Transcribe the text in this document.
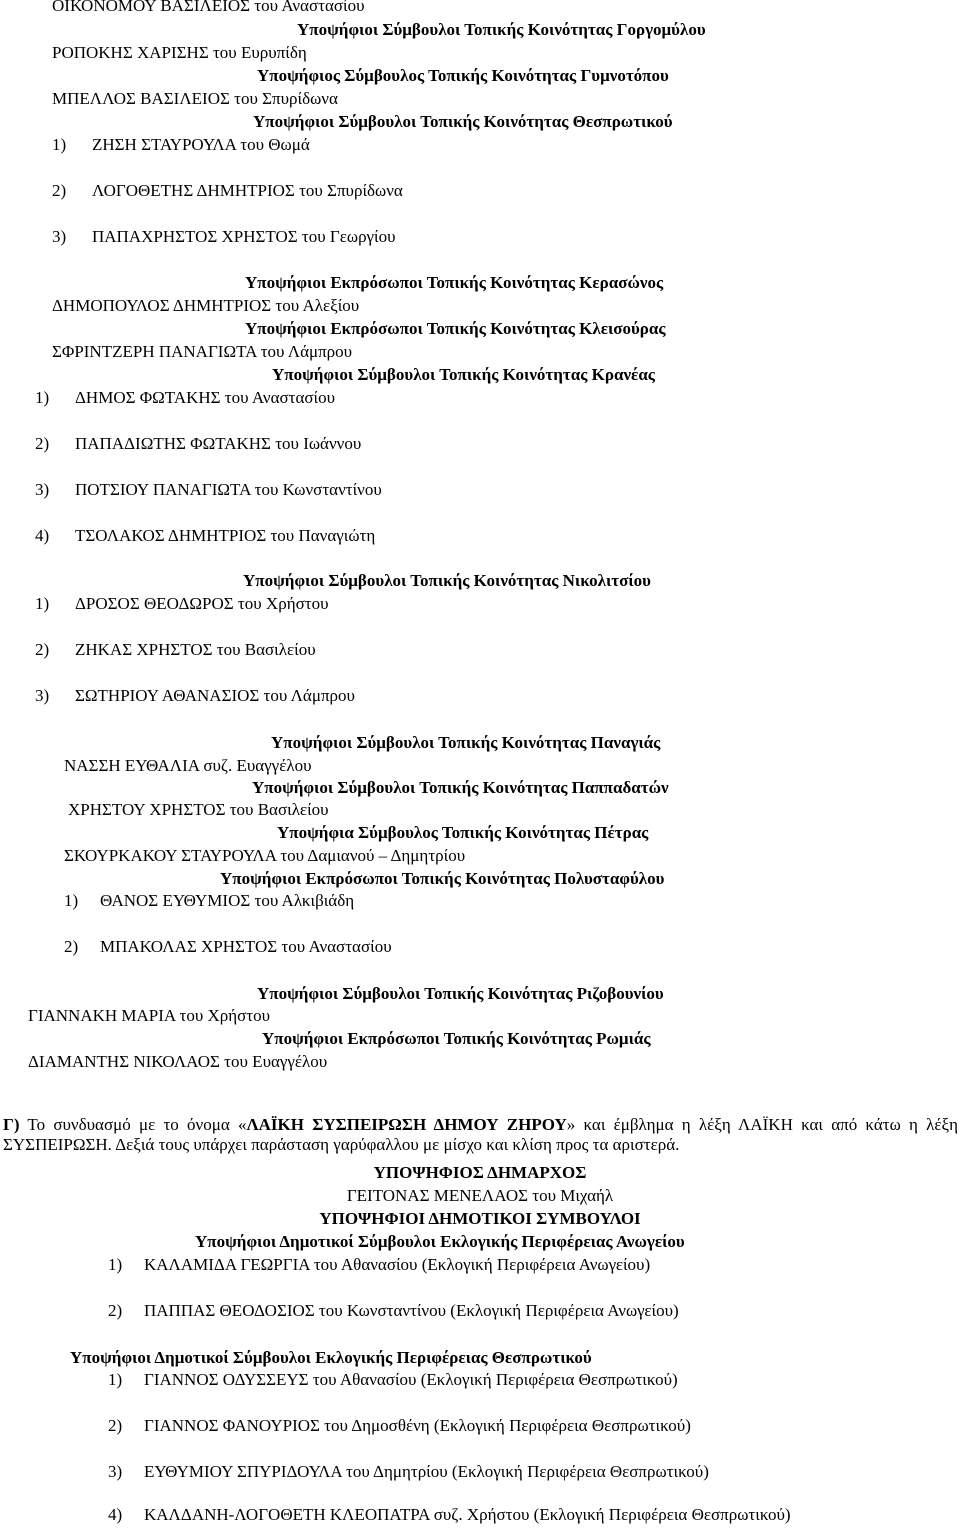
ΟΙΚΟΝΟΜΟΥ ΒΑΣΙΛΕΙΟΣ του Αναστασίου
Υποψήφιοι Σύμβουλοι Τοπικής Κοινότητας Γοργομύλου
ΡΟΠΟΚΗΣ ΧΑΡΙΣΗΣ του Ευρυπίδη
Υποψήφιος Σύμβουλος Τοπικής Κοινότητας Γυμνοτόπου
ΜΠΕΛΛΟΣ ΒΑΣΙΛΕΙΟΣ του Σπυρίδωνα
Υποψήφιοι Σύμβουλοι Τοπικής Κοινότητας Θεσπρωτικού
1) ΖΗΣΗ ΣΤΑΥΡΟΥΛΑ του Θωμά
2) ΛΟΓΟΘΕΤΗΣ ΔΗΜΗΤΡΙΟΣ του Σπυρίδωνα
3) ΠΑΠΑΧΡΗΣΤΟΣ ΧΡΗΣΤΟΣ του Γεωργίου
Υποψήφιοι Εκπρόσωποι Τοπικής Κοινότητας Κερασώνος
ΔΗΜΟΠΟΥΛΟΣ ΔΗΜΗΤΡΙΟΣ του Αλεξίου
Υποψήφιοι Εκπρόσωποι Τοπικής Κοινότητας Κλεισούρας
ΣΦΡΙΝΤΖΕΡΗ ΠΑΝΑΓΙΩΤΑ του Λάμπρου
Υποψήφιοι Σύμβουλοι Τοπικής Κοινότητας Κρανέας
1) ΔΗΜΟΣ ΦΩΤΑΚΗΣ του Αναστασίου
2) ΠΑΠΑΔΙΩΤΗΣ ΦΩΤΑΚΗΣ του Ιωάννου
3) ΠΟΤΣΙΟΥ ΠΑΝΑΓΙΩΤΑ του Κωνσταντίνου
4) ΤΣΟΛΑΚΟΣ ΔΗΜΗΤΡΙΟΣ του Παναγιώτη
Υποψήφιοι Σύμβουλοι Τοπικής Κοινότητας Νικολιτσίου
1) ΔΡΟΣΟΣ ΘΕΟΔΩΡΟΣ του Χρήστου
2) ΖΗΚΑΣ ΧΡΗΣΤΟΣ του Βασιλείου
3) ΣΩΤΗΡΙΟΥ ΑΘΑΝΑΣΙΟΣ του Λάμπρου
Υποψήφιοι Σύμβουλοι Τοπικής Κοινότητας Παναγιάς
ΝΑΣΣΗ ΕΥΘΑΛΙΑ συζ. Ευαγγέλου
Υποψήφιοι Σύμβουλοι Τοπικής Κοινότητας Παππαδατών
ΧΡΗΣΤΟΥ ΧΡΗΣΤΟΣ του Βασιλείου
Υποψήφια Σύμβουλος Τοπικής Κοινότητας Πέτρας
ΣΚΟΥΡΚΑΚΟΥ ΣΤΑΥΡΟΥΛΑ του Δαμιανού – Δημητρίου
Υποψήφιοι Εκπρόσωποι Τοπικής Κοινότητας Πολυσταφύλου
1) ΘΑΝΟΣ ΕΥΘΥΜΙΟΣ του Αλκιβιάδη
2) ΜΠΑΚΟΛΑΣ ΧΡΗΣΤΟΣ του Αναστασίου
Υποψήφιοι Σύμβουλοι Τοπικής Κοινότητας Ριζοβουνίου
ΓΙΑΝΝΑΚΗ ΜΑΡΙΑ του Χρήστου
Υποψήφιοι Εκπρόσωποι Τοπικής Κοινότητας Ρωμιάς
ΔΙΑΜΑΝΤΗΣ ΝΙΚΟΛΑΟΣ του Ευαγγέλου
Γ) Το συνδυασμό με το όνομα «ΛΑΪΚΗ ΣΥΣΠΕΙΡΩΣΗ ΔΗΜΟΥ ΖΗΡΟΥ» και έμβλημα η λέξη ΛΑΪΚΗ και από κάτω η λέξη ΣΥΣΠΕΙΡΩΣΗ. Δεξιά τους υπάρχει παράσταση γαρύφαλλου με μίσχο και κλίση προς τα αριστερά.
ΥΠΟΨΗΦΙΟΣ ΔΗΜΑΡΧΟΣ
ΓΕΙΤΟΝΑΣ ΜΕΝΕΛΑΟΣ του Μιχαήλ
ΥΠΟΨΗΦΙΟΙ ΔΗΜΟΤΙΚΟΙ ΣΥΜΒΟΥΛΟΙ
Υποψήφιοι Δημοτικοί Σύμβουλοι Εκλογικής Περιφέρειας Ανωγείου
1) ΚΑΛΑΜΙΔΑ ΓΕΩΡΓΙΑ του Αθανασίου (Εκλογική Περιφέρεια Ανωγείου)
2) ΠΑΠΠΑΣ ΘΕΟΔΟΣΙΟΣ του Κωνσταντίνου (Εκλογική Περιφέρεια Ανωγείου)
Υποψήφιοι Δημοτικοί Σύμβουλοι Εκλογικής Περιφέρειας Θεσπρωτικού
1) ΓΙΑΝΝΟΣ ΟΔΥΣΣΕΥΣ του Αθανασίου (Εκλογική Περιφέρεια Θεσπρωτικού)
2) ΓΙΑΝΝΟΣ ΦΑΝΟΥΡΙΟΣ του Δημοσθένη (Εκλογική Περιφέρεια Θεσπρωτικού)
3) ΕΥΘΥΜΙΟΥ ΣΠΥΡΙΔΟΥΛΑ του Δημητρίου (Εκλογική Περιφέρεια Θεσπρωτικού)
4) ΚΑΛΔΑΝΗ-ΛΟΓΟΘΕΤΗ ΚΛΕΟΠΑΤΡΑ συζ. Χρήστου (Εκλογική Περιφέρεια Θεσπρωτικού)
